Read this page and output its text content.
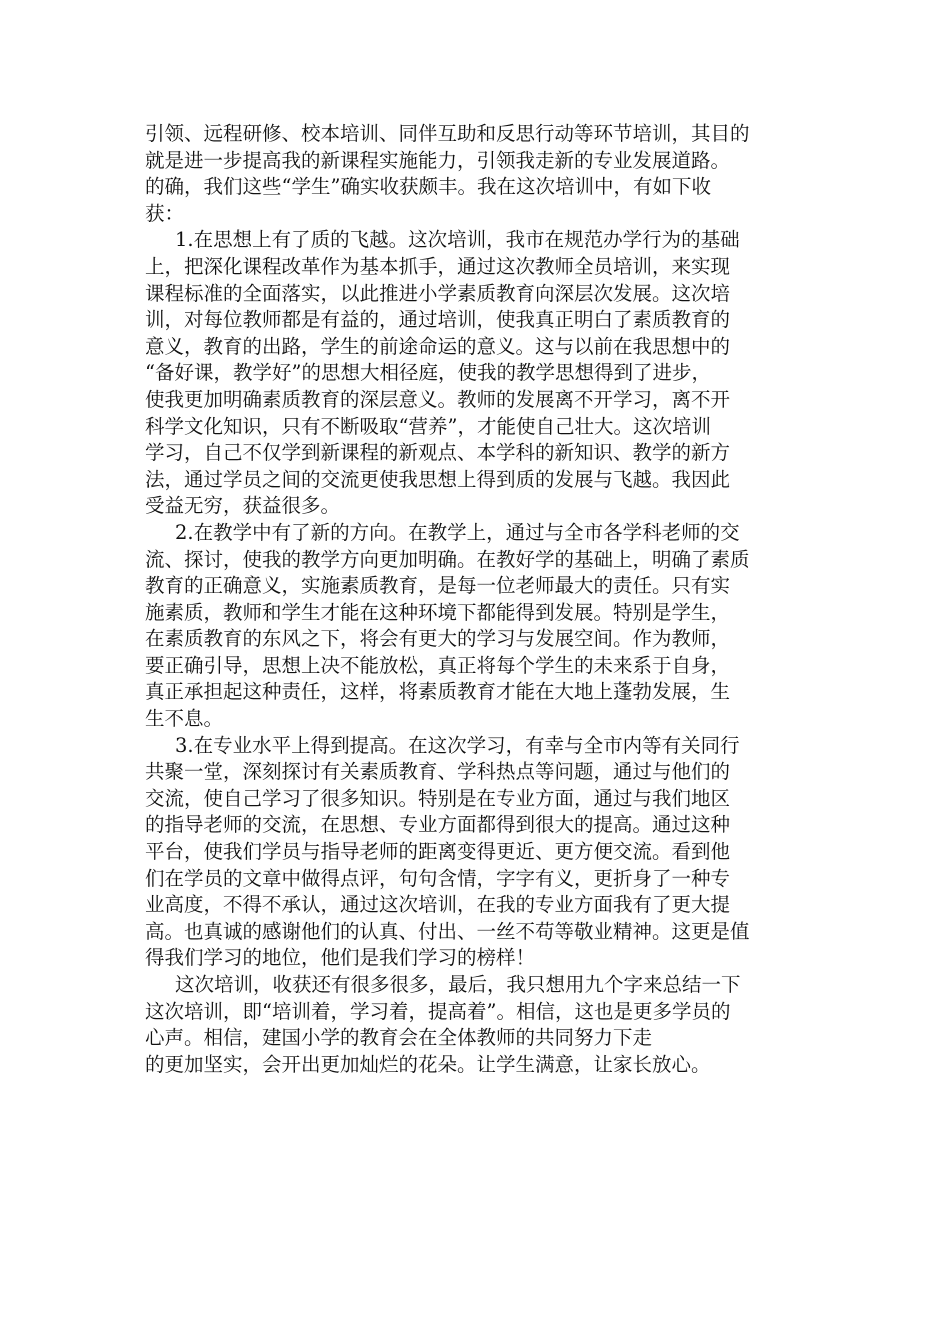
引领、远程研修、校本培训、同伴互助和反思行动等环节培训，其目的
就是进一步提高我的新课程实施能力，引领我走新的专业发展道路。
的确，我们这些“学生”确实收获颇丰。我在这次培训中，有如下收
获：
1.在思想上有了质的飞越。这次培训，我市在规范办学行为的基础
上，把深化课程改革作为基本抓手，通过这次教师全员培训，来实现
课程标准的全面落实，以此推进小学素质教育向深层次发展。这次培
训，对每位教师都是有益的，通过培训，使我真正明白了素质教育的
意义，教育的出路，学生的前途命运的意义。这与以前在我思想中的
“备好课，教学好”的思想大相径庭，使我的教学思想得到了进步，
使我更加明确素质教育的深层意义。教师的发展离不开学习，离不开
科学文化知识，只有不断吸取“营养”，才能使自己壮大。这次培训
学习，自己不仅学到新课程的新观点、本学科的新知识、教学的新方
法，通过学员之间的交流更使我思想上得到质的发展与飞越。我因此
受益无穷，获益很多。
2.在教学中有了新的方向。在教学上，通过与全市各学科老师的交
流、探讨，使我的教学方向更加明确。在教好学的基础上，明确了素质
教育的正确意义，实施素质教育，是每一位老师最大的责任。只有实
施素质，教师和学生才能在这种环境下都能得到发展。特别是学生，
在素质教育的东风之下，将会有更大的学习与发展空间。作为教师，
要正确引导，思想上决不能放松，真正将每个学生的未来系于自身，
真正承担起这种责任，这样，将素质教育才能在大地上蓬勃发展，生
生不息。
3.在专业水平上得到提高。在这次学习，有幸与全市内等有关同行
共聚一堂，深刻探讨有关素质教育、学科热点等问题，通过与他们的
交流，使自己学习了很多知识。特别是在专业方面，通过与我们地区
的指导老师的交流，在思想、专业方面都得到很大的提高。通过这种
平台，使我们学员与指导老师的距离变得更近、更方便交流。看到他
们在学员的文章中做得点评，句句含情，字字有义，更折身了一种专
业高度，不得不承认，通过这次培训，在我的专业方面我有了更大提
高。也真诚的感谢他们的认真、付出、一丝不苟等敬业精神。这更是值
得我们学习的地位，他们是我们学习的榜样！
这次培训，收获还有很多很多，最后，我只想用九个字来总结一下
这次培训，即“培训着，学习着，提高着”。相信，这也是更多学员的
心声。相信，建国小学的教育会在全体教师的共同努力下走
的更加坚实，会开出更加灿烂的花朵。让学生满意，让家长放心。
